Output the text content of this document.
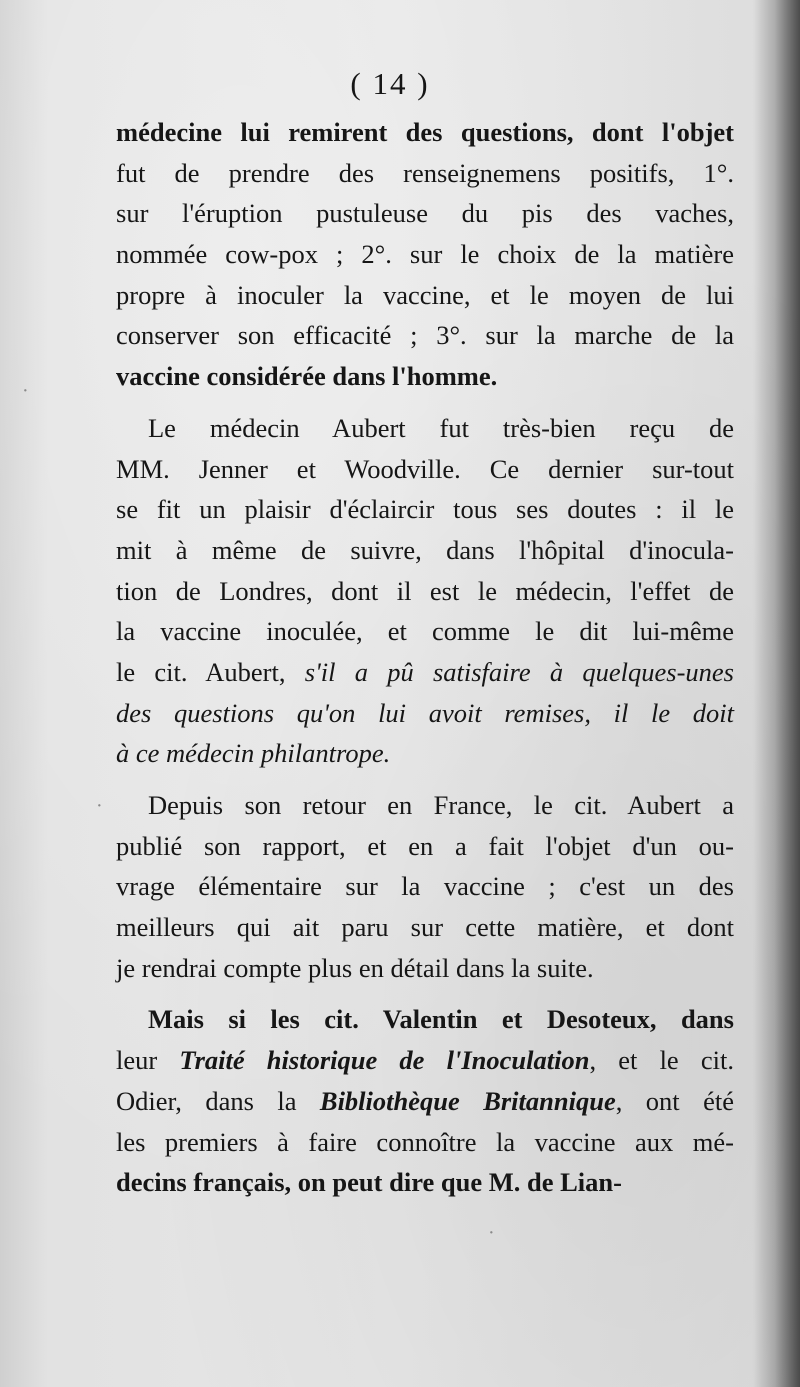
( 14 )

médecine lui remirent des questions, dont l'objet
fut de prendre des renseignemens positifs, 1°.
sur l'éruption pustuleuse du pis des vaches,
nommée cow-pox ; 2°. sur le choix de la matière
propre à inoculer la vaccine, et le moyen de lui
conserver son efficacité ; 3°. sur la marche de la
vaccine considérée dans l'homme.

Le médecin Aubert fut très-bien reçu de
MM. Jenner et Woodville. Ce dernier sur-tout
se fit un plaisir d'éclaircir tous ses doutes : il le
mit à même de suivre, dans l'hôpital d'inocula-
tion de Londres, dont il est le médecin, l'effet de
la vaccine inoculée, et comme le dit lui-même
le cit. Aubert, s'il a pû satisfaire à quelques-unes
des questions qu'on lui avoit remises, il le doit
à ce médecin philantrope.

Depuis son retour en France, le cit. Aubert a
publié son rapport, et en a fait l'objet d'un ou-
vrage élémentaire sur la vaccine ; c'est un des
meilleurs qui ait paru sur cette matière, et dont
je rendrai compte plus en détail dans la suite.

Mais si les cit. Valentin et Desoteux, dans
leur Traité historique de l'Inoculation, et le cit.
Odier, dans la Bibliothèque Britannique, ont été
les premiers à faire connoître la vaccine aux mé-
decins français, on peut dire que M. de Lian-

·
·
·
